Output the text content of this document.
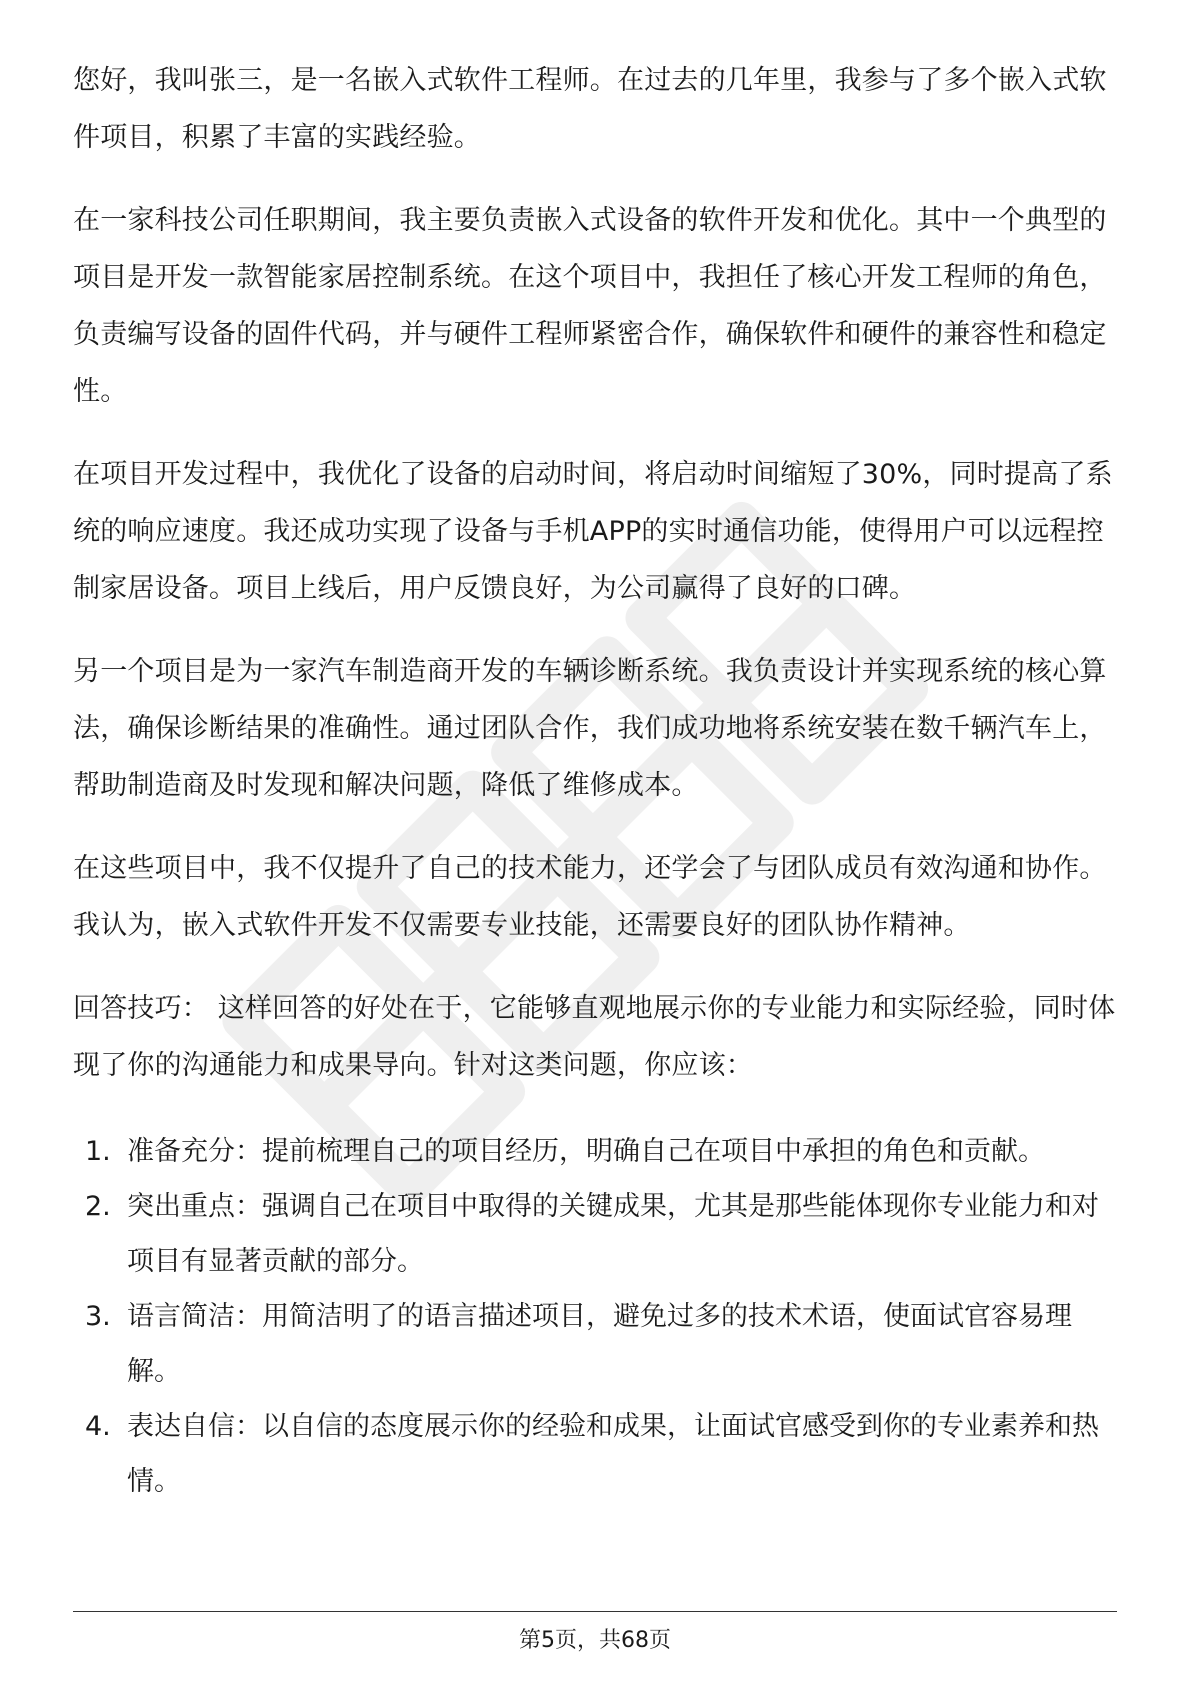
您好，我叫张三，是一名嵌入式软件工程师。在过去的几年里，我参与了多个嵌入式软件项目，积累了丰富的实践经验。

在一家科技公司任职期间，我主要负责嵌入式设备的软件开发和优化。其中一个典型的项目是开发一款智能家居控制系统。在这个项目中，我担任了核心开发工程师的角色，负责编写设备的固件代码，并与硬件工程师紧密合作，确保软件和硬件的兼容性和稳定性。

在项目开发过程中，我优化了设备的启动时间，将启动时间缩短了30%，同时提高了系统的响应速度。我还成功实现了设备与手机APP的实时通信功能，使得用户可以远程控制家居设备。项目上线后，用户反馈良好，为公司赢得了良好的口碑。

另一个项目是为一家汽车制造商开发的车辆诊断系统。我负责设计并实现系统的核心算法，确保诊断结果的准确性。通过团队合作，我们成功地将系统安装在数千辆汽车上，帮助制造商及时发现和解决问题，降低了维修成本。

在这些项目中，我不仅提升了自己的技术能力，还学会了与团队成员有效沟通和协作。我认为，嵌入式软件开发不仅需要专业技能，还需要良好的团队协作精神。

回答技巧： 这样回答的好处在于，它能够直观地展示你的专业能力和实际经验，同时体现了你的沟通能力和成果导向。针对这类问题，你应该：

1. 准备充分：提前梳理自己的项目经历，明确自己在项目中承担的角色和贡献。
2. 突出重点：强调自己在项目中取得的关键成果，尤其是那些能体现你专业能力和对项目有显著贡献的部分。
3. 语言简洁：用简洁明了的语言描述项目，避免过多的技术术语，使面试官容易理解。
4. 表达自信：以自信的态度展示你的经验和成果，让面试官感受到你的专业素养和热情。
第5页，共68页
